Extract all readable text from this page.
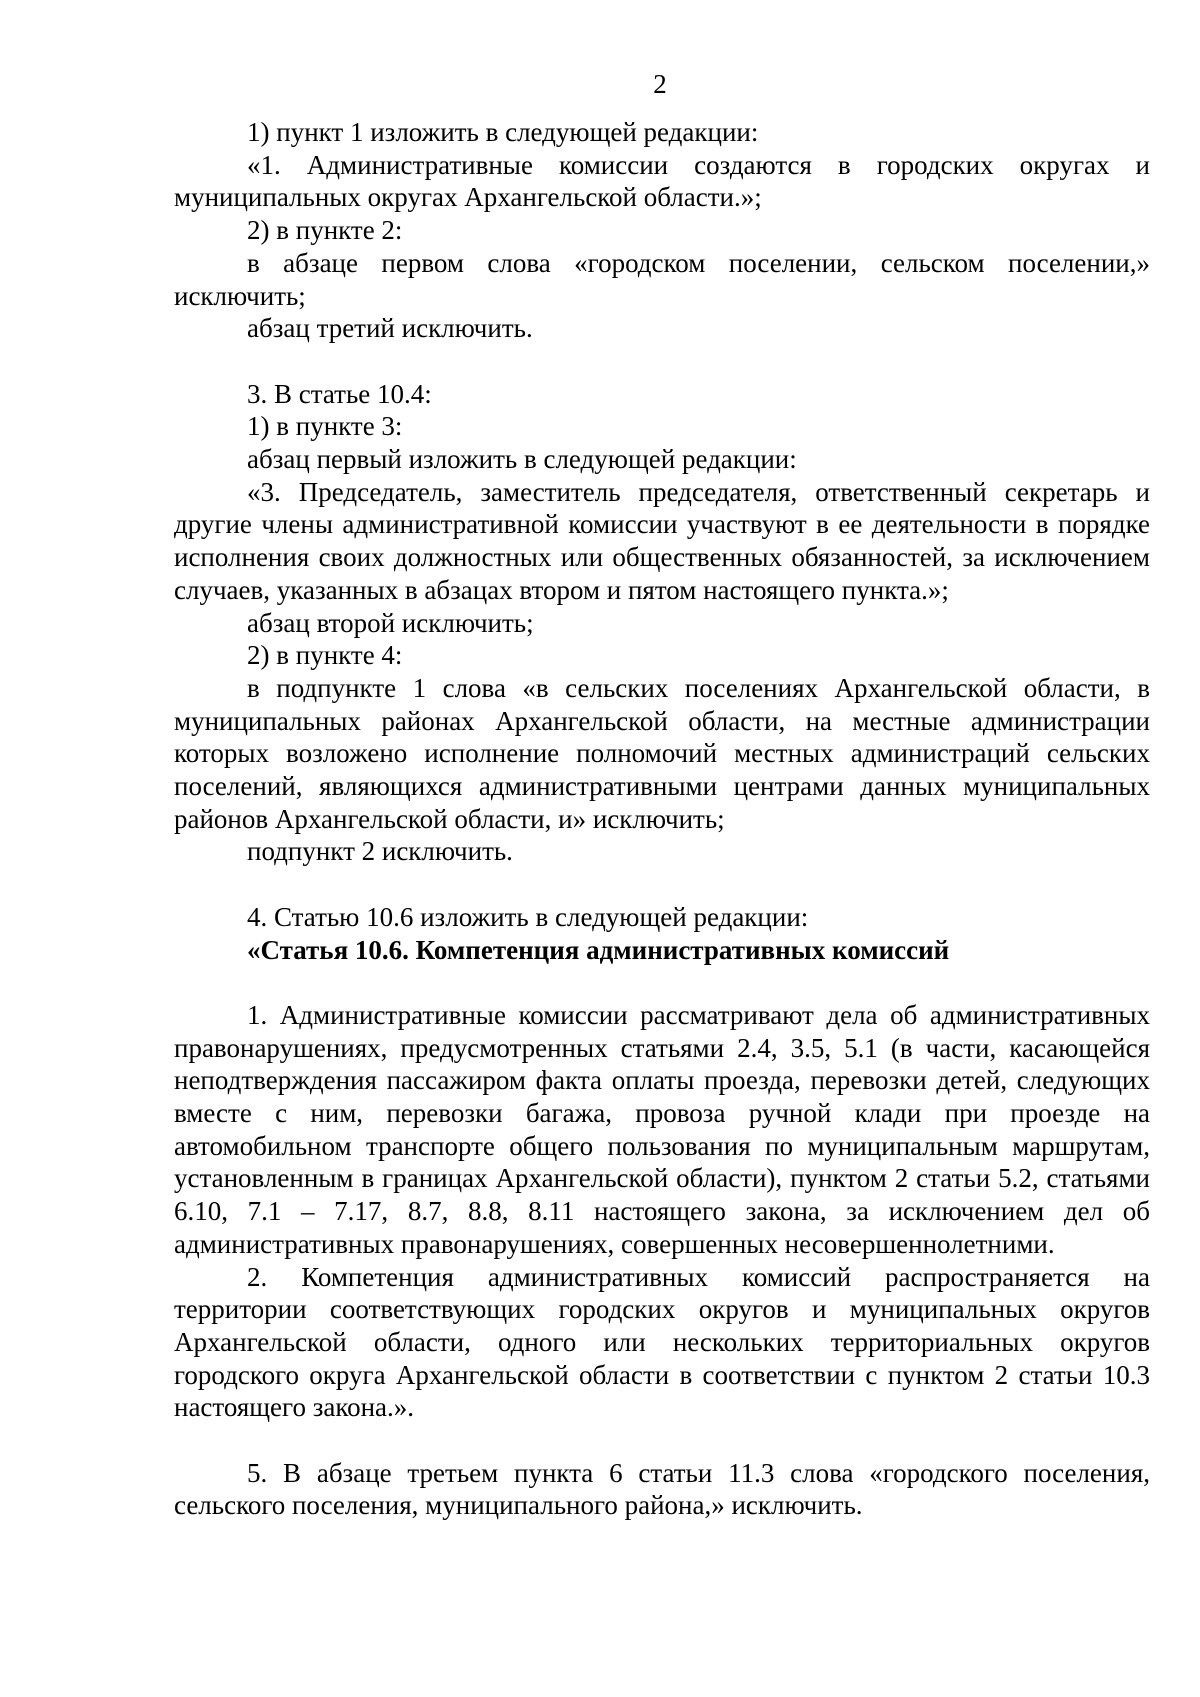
2

1) пункт 1 изложить в следующей редакции:

«1. Административные комиссии создаются в городских округах и муниципальных округах Архангельской области.»;

2) в пункте 2:

в абзаце первом слова «городском поселении, сельском поселении,» исключить;

абзац третий исключить.

3. В статье 10.4:

1) в пункте 3:

абзац первый изложить в следующей редакции:

«3. Председатель, заместитель председателя, ответственный секретарь и другие члены административной комиссии участвуют в ее деятельности в порядке исполнения своих должностных или общественных обязанностей, за исключением случаев, указанных в абзацах втором и пятом настоящего пункта.»;

абзац второй исключить;

2) в пункте 4:

в подпункте 1 слова «в сельских поселениях Архангельской области, в муниципальных районах Архангельской области, на местные администрации которых возложено исполнение полномочий местных администраций сельских поселений, являющихся административными центрами данных муниципальных районов Архангельской области, и» исключить;

подпункт 2 исключить.

4. Статью 10.6 изложить в следующей редакции:

«Статья 10.6. Компетенция административных комиссий

1. Административные комиссии рассматривают дела об административных правонарушениях, предусмотренных статьями 2.4, 3.5, 5.1 (в части, касающейся неподтверждения пассажиром факта оплаты проезда, перевозки детей, следующих вместе с ним, перевозки багажа, провоза ручной клади при проезде на автомобильном транспорте общего пользования по муниципальным маршрутам, установленным в границах Архангельской области), пунктом 2 статьи 5.2, статьями 6.10, 7.1 – 7.17, 8.7, 8.8, 8.11 настоящего закона, за исключением дел об административных правонарушениях, совершенных несовершеннолетними.

2. Компетенция административных комиссий распространяется на территории соответствующих городских округов и муниципальных округов Архангельской области, одного или нескольких территориальных округов городского округа Архангельской области в соответствии с пунктом 2 статьи 10.3 настоящего закона.».

5. В абзаце третьем пункта 6 статьи 11.3 слова «городского поселения, сельского поселения, муниципального района,» исключить.
